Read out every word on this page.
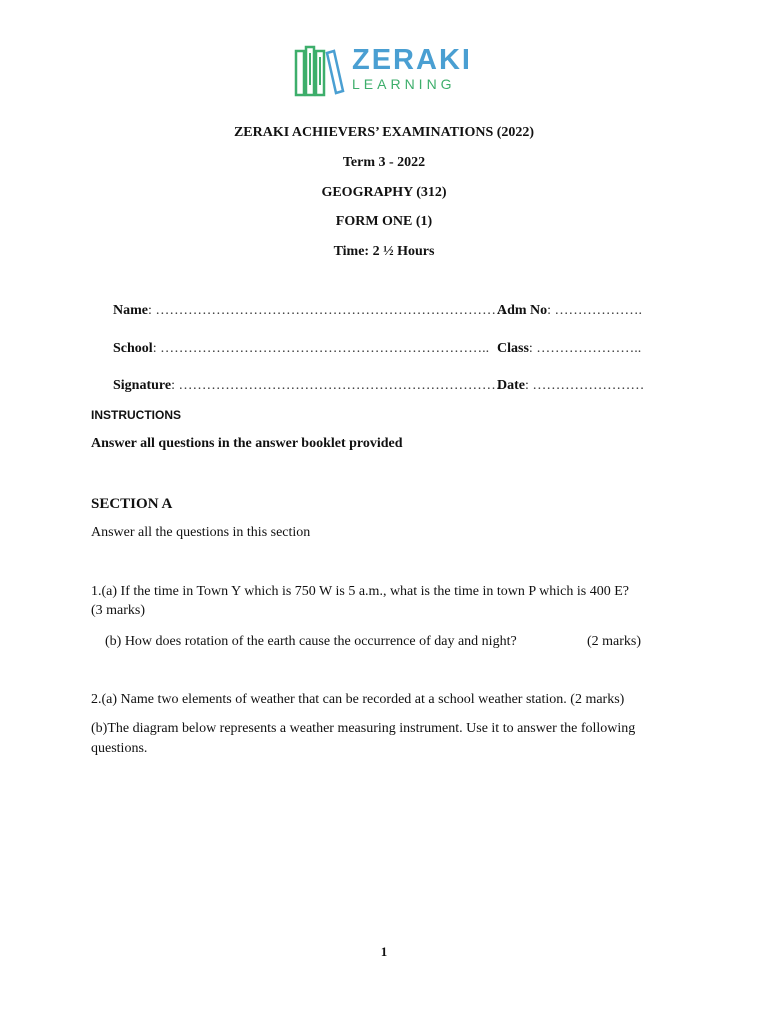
ZERAKI
LEARNING
ZERAKI ACHIEVERS’ EXAMINATIONS (2022)
Term 3 - 2022
GEOGRAPHY (312)
FORM ONE (1)
Time: 2 ½ Hours
Name: …………………………………………………………………
Adm No: ……………….
School: …………………………………………………………….. Class: …………………..
Signature: ……………………………………………………………
Date: ……………………
INSTRUCTIONS
Answer all questions in the answer booklet provided
SECTION A
Answer all the questions in this section
1.(a) If the time in Town Y which is 750 W is 5 a.m., what is the time in town P which is 400 E?
(3 marks)
(b) How does rotation of the earth cause the occurrence of day and night?	(2 marks)
2.(a) Name two elements of weather that can be recorded at a school weather station. (2 marks)
(b)The diagram below represents a weather measuring instrument. Use it to answer the following
questions.
1
